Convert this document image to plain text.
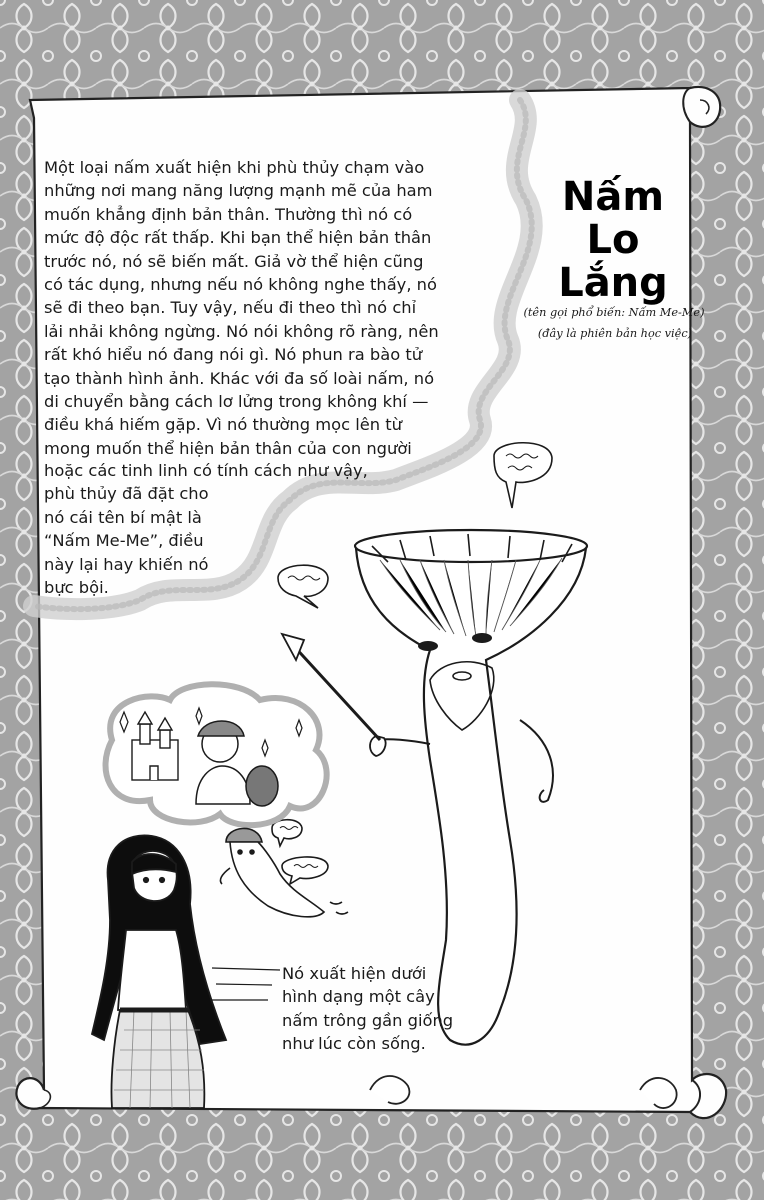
Nấm
Lo
Lắng
(tên gọi phổ biến: Nấm Me-Me)
(đây là phiên bản học việc)
Một loại nấm xuất hiện khi phù thủy chạm vào
những nơi mang năng lượng mạnh mẽ của ham
muốn khẳng định bản thân. Thường thì nó có
mức độ độc rất thấp. Khi bạn thể hiện bản thân
trước nó, nó sẽ biến mất. Giả vờ thể hiện cũng
có tác dụng, nhưng nếu nó không nghe thấy, nó
sẽ đi theo bạn. Tuy vậy, nếu đi theo thì nó chỉ
lải nhải không ngừng. Nó nói không rõ ràng, nên
rất khó hiểu nó đang nói gì. Nó phun ra bào tử
tạo thành hình ảnh. Khác với đa số loài nấm, nó
di chuyển bằng cách lơ lửng trong không khí —
điều khá hiếm gặp. Vì nó thường mọc lên từ
mong muốn thể hiện bản thân của con người
hoặc các tinh linh có tính cách như vậy,
phù thủy đã đặt cho
nó cái tên bí mật là
“Nấm Me-Me”, điều
này lại hay khiến nó
bực bội.
Nó xuất hiện dưới
hình dạng một cây
nấm trông gần giống
như lúc còn sống.
